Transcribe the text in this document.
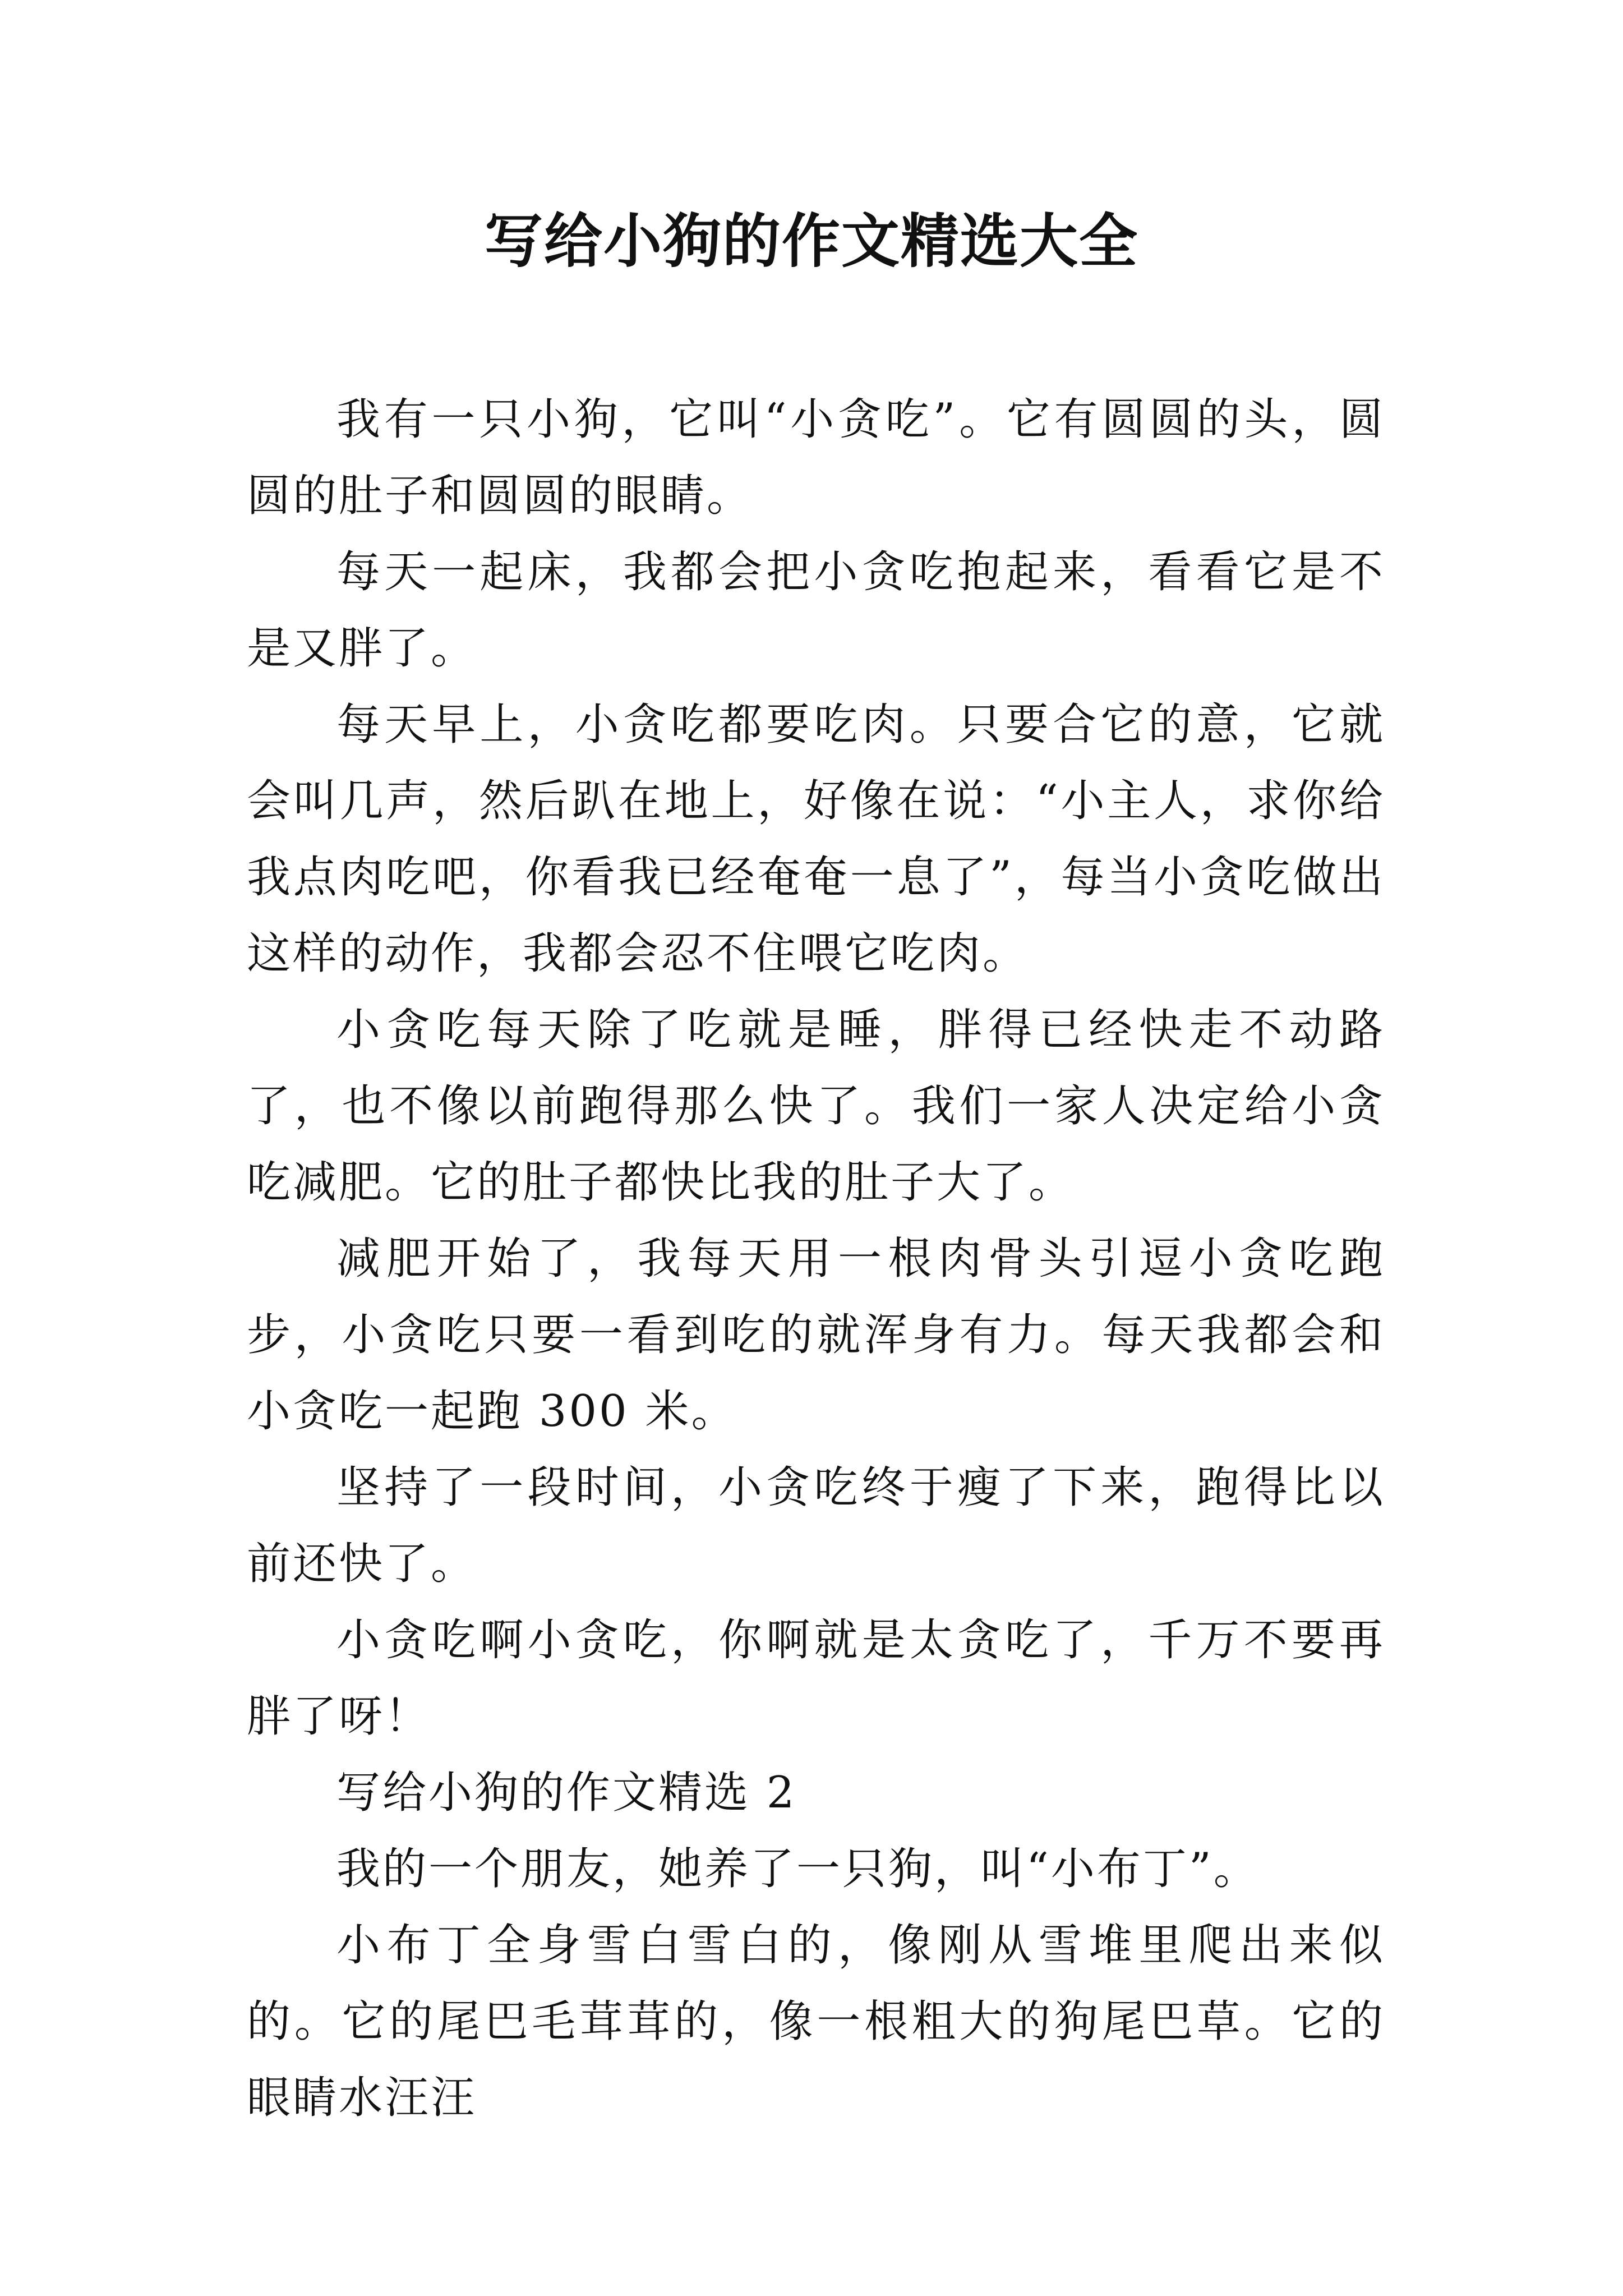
写给小狗的作文精选大全

我有一只小狗，它叫“小贪吃”。它有圆圆的头，圆圆的肚子和圆圆的眼睛。

每天一起床，我都会把小贪吃抱起来，看看它是不是又胖了。

每天早上，小贪吃都要吃肉。只要合它的意，它就会叫几声，然后趴在地上，好像在说：“小主人，求你给我点肉吃吧，你看我已经奄奄一息了”，每当小贪吃做出这样的动作，我都会忍不住喂它吃肉。

小贪吃每天除了吃就是睡，胖得已经快走不动路了，也不像以前跑得那么快了。我们一家人决定给小贪吃减肥。它的肚子都快比我的肚子大了。

减肥开始了，我每天用一根肉骨头引逗小贪吃跑步，小贪吃只要一看到吃的就浑身有力。每天我都会和小贪吃一起跑 300 米。

坚持了一段时间，小贪吃终于瘦了下来，跑得比以前还快了。

小贪吃啊小贪吃，你啊就是太贪吃了，千万不要再胖了呀！

写给小狗的作文精选 2

我的一个朋友，她养了一只狗，叫“小布丁”。

小布丁全身雪白雪白的，像刚从雪堆里爬出来似的。它的尾巴毛茸茸的，像一根粗大的狗尾巴草。它的眼睛水汪汪
